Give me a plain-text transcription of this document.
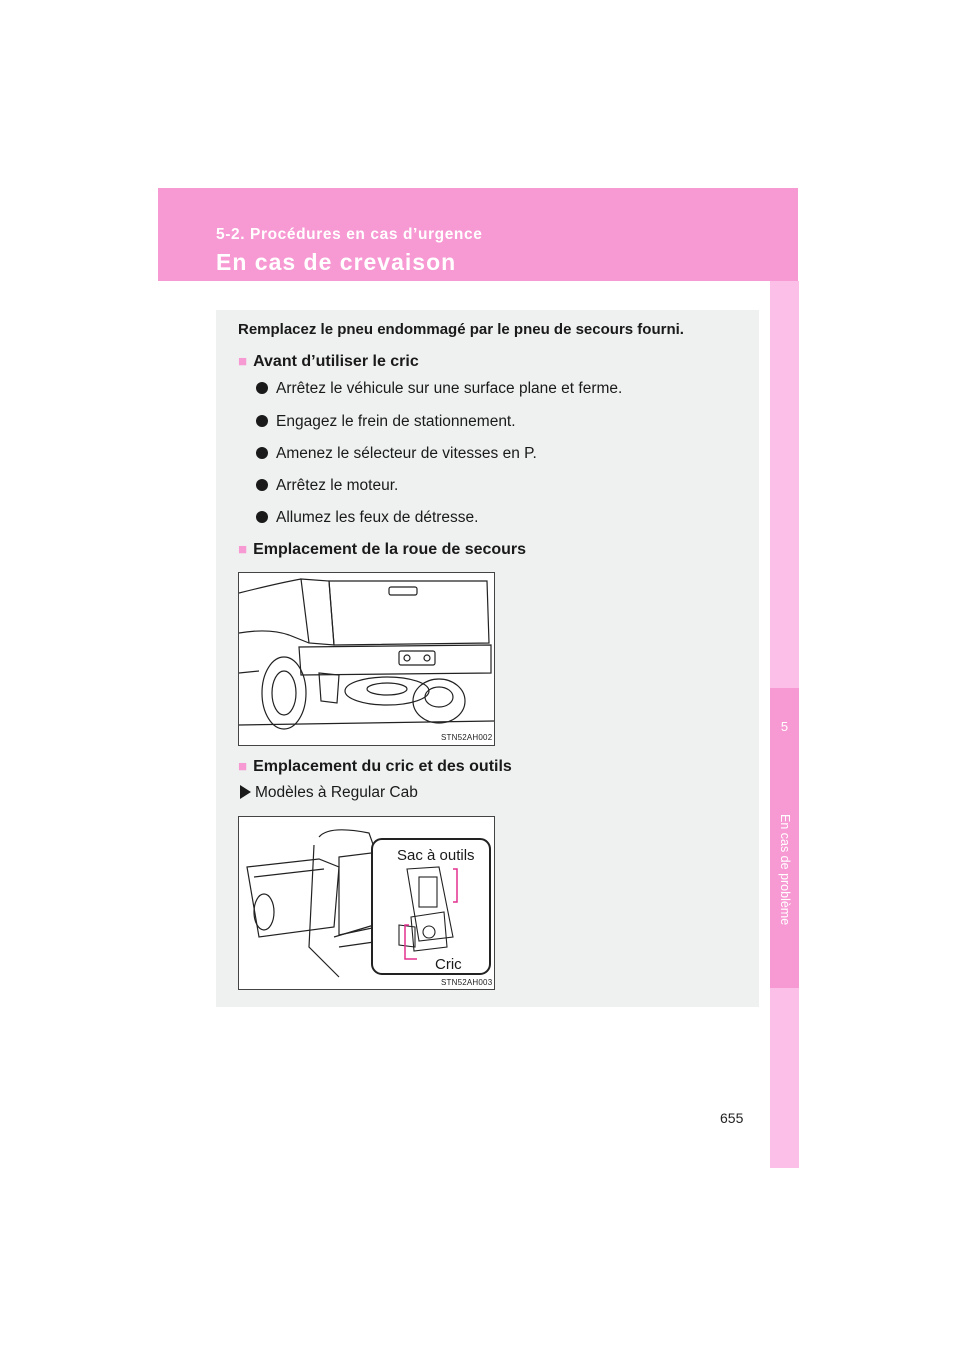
5-2. Procédures en cas d’urgence
En cas de crevaison
5
En cas de problème
Remplacez le pneu endommagé par le pneu de secours fourni.
■ Avant d’utiliser le cric
Arrêtez le véhicule sur une surface plane et ferme.
Engagez le frein de stationnement.
Amenez le sélecteur de vitesses en P.
Arrêtez le moteur.
Allumez les feux de détresse.
■ Emplacement de la roue de secours
STN52AH002
■ Emplacement du cric et des outils
Modèles à Regular Cab
Sac à outils
Cric
STN52AH003
655
